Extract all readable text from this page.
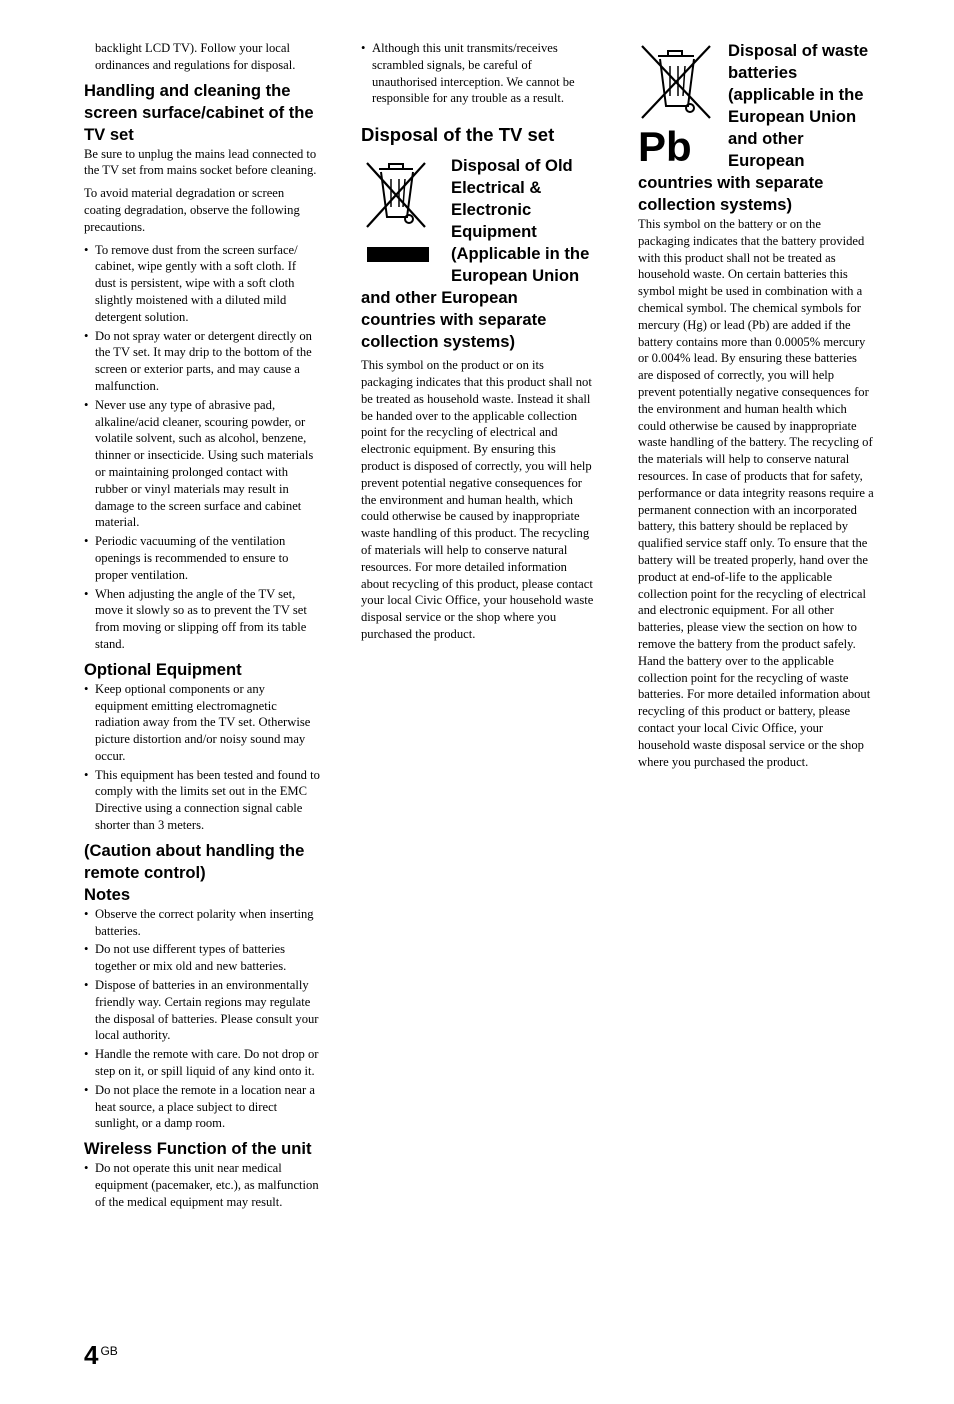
backlight LCD TV). Follow your local ordinances and regulations for disposal.

Handling and cleaning the screen surface/cabinet of the TV set

Be sure to unplug the mains lead connected to the TV set from mains socket before cleaning.

To avoid material degradation or screen coating degradation, observe the following precautions.

• To remove dust from the screen surface/ cabinet, wipe gently with a soft cloth. If dust is persistent, wipe with a soft cloth slightly moistened with a diluted mild detergent solution.
• Do not spray water or detergent directly on the TV set. It may drip to the bottom of the screen or exterior parts, and may cause a malfunction.
• Never use any type of abrasive pad, alkaline/acid cleaner, scouring powder, or volatile solvent, such as alcohol, benzene, thinner or insecticide. Using such materials or maintaining prolonged contact with rubber or vinyl materials may result in damage to the screen surface and cabinet material.
• Periodic vacuuming of the ventilation openings is recommended to ensure to proper ventilation.
• When adjusting the angle of the TV set, move it slowly so as to prevent the TV set from moving or slipping off from its table stand.
Optional Equipment
• Keep optional components or any equipment emitting electromagnetic radiation away from the TV set. Otherwise picture distortion and/or noisy sound may occur.
• This equipment has been tested and found to comply with the limits set out in the EMC Directive using a connection signal cable shorter than 3 meters.
(Caution about handling the remote control)
Notes
• Observe the correct polarity when inserting batteries.
• Do not use different types of batteries together or mix old and new batteries.
• Dispose of batteries in an environmentally friendly way. Certain regions may regulate the disposal of batteries. Please consult your local authority.
• Handle the remote with care. Do not drop or step on it, or spill liquid of any kind onto it.
• Do not place the remote in a location near a heat source, a place subject to direct sunlight, or a damp room.
Wireless Function of the unit
• Do not operate this unit near medical equipment (pacemaker, etc.), as malfunction of the medical equipment may result.
• Although this unit transmits/receives scrambled signals, be careful of unauthorised interception. We cannot be responsible for any trouble as a result.
Disposal of the TV set
Disposal of Old Electrical & Electronic Equipment (Applicable in the European Union and other European countries with separate collection systems)

This symbol on the product or on its packaging indicates that this product shall not be treated as household waste. Instead it shall be handed over to the applicable collection point for the recycling of electrical and electronic equipment. By ensuring this product is disposed of correctly, you will help prevent potential negative consequences for the environment and human health, which could otherwise be caused by inappropriate waste handling of this product. The recycling of materials will help to conserve natural resources. For more detailed information about recycling of this product, please contact your local Civic Office, your household waste disposal service or the shop where you purchased the product.

Pb
Disposal of waste batteries (applicable in the European Union and other European countries with separate collection systems)

This symbol on the battery or on the packaging indicates that the battery provided with this product shall not be treated as household waste. On certain batteries this symbol might be used in combination with a chemical symbol. The chemical symbols for mercury (Hg) or lead (Pb) are added if the battery contains more than 0.0005% mercury or 0.004% lead. By ensuring these batteries are disposed of correctly, you will help prevent potentially negative consequences for the environment and human health which could otherwise be caused by inappropriate waste handling of the battery. The recycling of the materials will help to conserve natural resources. In case of products that for safety, performance or data integrity reasons require a permanent connection with an incorporated battery, this battery should be replaced by qualified service staff only. To ensure that the battery will be treated properly, hand over the product at end-of-life to the applicable collection point for the recycling of electrical and electronic equipment. For all other batteries, please view the section on how to remove the battery from the product safely. Hand the battery over to the applicable collection point for the recycling of waste batteries. For more detailed information about recycling of this product or battery, please contact your local Civic Office, your household waste disposal service or the shop where you purchased the product.

4 $^{GB}$
